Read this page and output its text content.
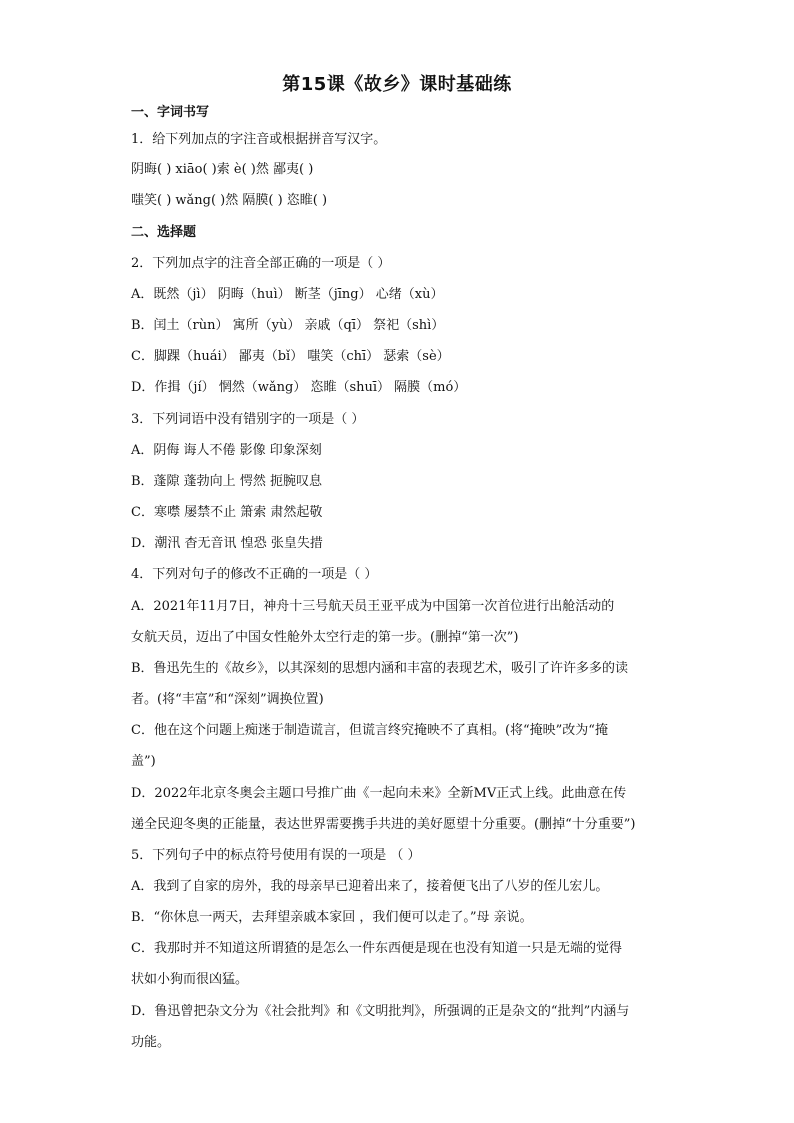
第15课《故乡》课时基础练
一、字词书写
1．给下列加点的字注音或根据拼音写汉字。
阴晦( ) xiāo( )索 è( )然 鄙夷( )
嗤笑( ) wǎng( )然 隔膜( ) 恣睢( )
二、选择题
2．下列加点字的注音全部正确的一项是（ ）
A．既然（jì） 阴晦（huì） 断茎（jīng） 心绪（xù）
B．闰土（rùn） 寓所（yù） 亲戚（qī） 祭祀（shì）
C．脚踝（huái） 鄙夷（bǐ） 嗤笑（chī） 瑟索（sè）
D．作揖（jí） 惘然（wǎng） 恣睢（shuī） 隔膜（mó）
3．下列词语中没有错别字的一项是（ ）
A．阴侮 诲人不倦 影像 印象深刻
B．蓬隙 蓬勃向上 愕然 扼腕叹息
C．寒噤 屡禁不止 箫索 肃然起敬
D．潮汛 杳无音讯 惶恐 张皇失措
4．下列对句子的修改不正确的一项是（ ）
A．2021年11月7日，神舟十三号航天员王亚平成为中国第一次首位进行出舱活动的
女航天员，迈出了中国女性舱外太空行走的第一步。(删掉“第一次”)
B．鲁迅先生的《故乡》，以其深刻的思想内涵和丰富的表现艺术，吸引了许许多多的读
者。(将“丰富”和“深刻”调换位置)
C．他在这个问题上痴迷于制造谎言，但谎言终究掩映不了真相。(将“掩映”改为“掩
盖”)
D．2022年北京冬奥会主题口号推广曲《一起向未来》全新MV正式上线。此曲意在传
递全民迎冬奥的正能量，表达世界需要携手共进的美好愿望十分重要。(删掉“十分重要”)
5．下列句子中的标点符号使用有误的一项是 （ ）
A．我到了自家的房外，我的母亲早已迎着出来了，接着便飞出了八岁的侄儿宏儿。
B．“你休息一两天，去拜望亲戚本家回 ，我们便可以走了。”母 亲说。
C．我那时并不知道这所谓猹的是怎么一件东西便是现在也没有知道一只是无端的觉得
状如小狗而很凶猛。
D．鲁迅曾把杂文分为《社会批判》和《文明批判》，所强调的正是杂文的“批判”内涵与
功能。
